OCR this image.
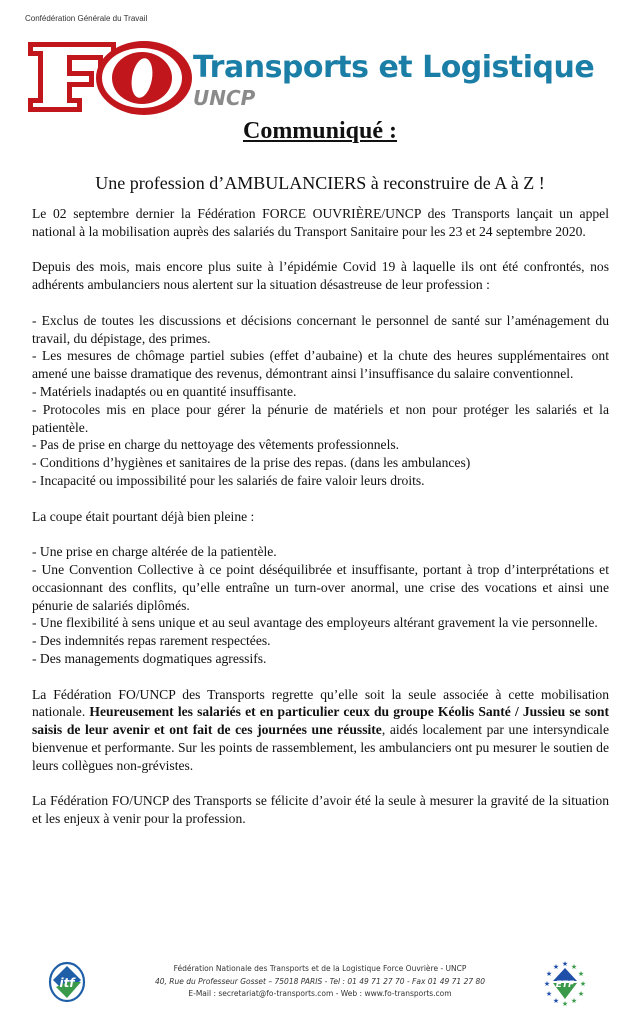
Confédération Générale du Travail
Transports et Logistique
UNCP
Communiqué :
Une profession d’AMBULANCIERS à reconstruire de A à Z !

Le 02 septembre dernier la Fédération FORCE OUVRIÈRE/UNCP des Transports lançait un appel national à la mobilisation auprès des salariés du Transport Sanitaire pour les 23 et 24 septembre 2020.

Depuis des mois, mais encore plus suite à l’épidémie Covid 19 à laquelle ils ont été confrontés, nos adhérents ambulanciers nous alertent sur la situation désastreuse de leur profession :

- Exclus de toutes les discussions et décisions concernant le personnel de santé sur l’aménagement du travail, du dépistage, des primes.
- Les mesures de chômage partiel subies (effet d’aubaine) et la chute des heures supplémentaires ont amené une baisse dramatique des revenus, démontrant ainsi l’insuffisance du salaire conventionnel.
- Matériels inadaptés ou en quantité insuffisante.
- Protocoles mis en place pour gérer la pénurie de matériels et non pour protéger les salariés et la patientèle.
- Pas de prise en charge du nettoyage des vêtements professionnels.
- Conditions d’hygiènes et sanitaires de la prise des repas. (dans les ambulances)
- Incapacité ou impossibilité pour les salariés de faire valoir leurs droits.

La coupe était pourtant déjà bien pleine :

- Une prise en charge altérée de la patientèle.
- Une Convention Collective à ce point déséquilibrée et insuffisante, portant à trop d’interprétations et occasionnant des conflits, qu’elle entraîne un turn-over anormal, une crise des vocations et ainsi une pénurie de salariés diplômés.
- Une flexibilité à sens unique et au seul avantage des employeurs altérant gravement la vie personnelle.
- Des indemnités repas rarement respectées.
- Des managements dogmatiques agressifs.

La Fédération FO/UNCP des Transports regrette qu’elle soit la seule associée à cette mobilisation nationale. Heureusement les salariés et en particulier ceux du groupe Kéolis Santé / Jussieu se sont saisis de leur avenir et ont fait de ces journées une réussite, aidés localement par une intersyndicale bienvenue et performante. Sur les points de rassemblement, les ambulanciers ont pu mesurer le soutien de leurs collègues non-grévistes.

La Fédération FO/UNCP des Transports se félicite d’avoir été la seule à mesurer la gravité de la situation et les enjeux à venir pour la profession.

itf
Fédération Nationale des Transports et de la Logistique Force Ouvrière - UNCP
40, Rue du Professeur Gosset – 75018 PARIS - Tel : 01 49 71 27 70 - Fax 01 49 71 27 80
E-Mail : secretariat@fo-transports.com - Web : www.fo-transports.com
★
★ ★
★	★
★	★
★	★
★ ★
★
ETF
